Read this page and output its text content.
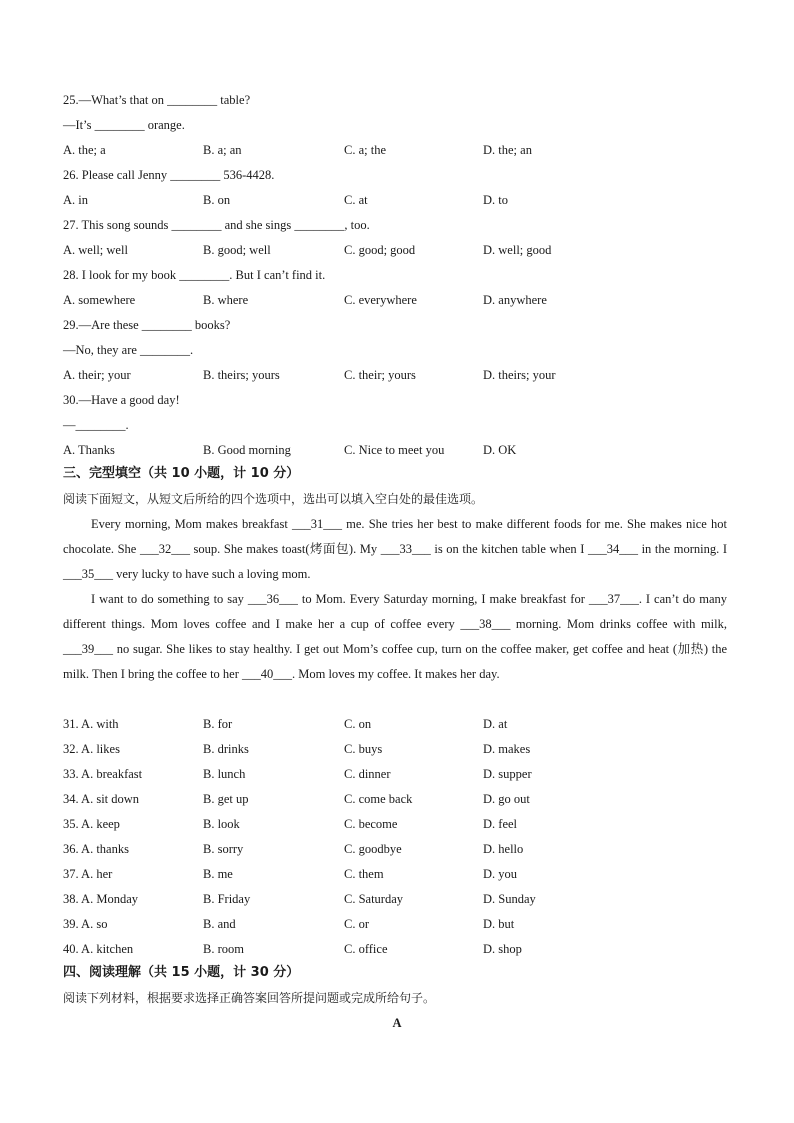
25.—What’s that on ________ table?
—It’s ________ orange.
A. the; a	B. a; an	C. a; the	D. the; an
26. Please call Jenny ________ 536-4428.
A. in	B. on	C. at	D. to
27. This song sounds ________ and she sings ________, too.
A. well; well	B. good; well	C. good; good	D. well; good
28. I look for my book ________. But I can’t find it.
A. somewhere	B. where	C. everywhere	D. anywhere
29.—Are these ________ books?
—No, they are ________.
A. their; your	B. theirs; yours	C. their; yours	D. theirs; your
30.—Have a good day!
—________.
A. Thanks	B. Good morning	C. Nice to meet you	D. OK
三、完型填空（共 10 小题，计 10 分）
阅读下面短文，从短文后所给的四个选项中，选出可以填入空白处的最佳选项。
Every morning, Mom makes breakfast ___31___ me. She tries her best to make different foods for me. She makes nice hot chocolate. She ___32___ soup. She makes toast(烤面包). My ___33___ is on the kitchen table when I ___34___ in the morning. I ___35___ very lucky to have such a loving mom.
I want to do something to say ___36___ to Mom. Every Saturday morning, I make breakfast for ___37___. I can’t do many different things. Mom loves coffee and I make her a cup of coffee every ___38___ morning. Mom drinks coffee with milk, ___39___ no sugar. She likes to stay healthy. I get out Mom’s coffee cup, turn on the coffee maker, get coffee and heat (加热) the milk. Then I bring the coffee to her ___40___. Mom loves my coffee. It makes her day.
31. A. with	B. for	C. on	D. at
32. A. likes	B. drinks	C. buys	D. makes
33. A. breakfast	B. lunch	C. dinner	D. supper
34. A. sit down	B. get up	C. come back	D. go out
35. A. keep	B. look	C. become	D. feel
36. A. thanks	B. sorry	C. goodbye	D. hello
37. A. her	B. me	C. them	D. you
38. A. Monday	B. Friday	C. Saturday	D. Sunday
39. A. so	B. and	C. or	D. but
40. A. kitchen	B. room	C. office	D. shop
四、阅读理解（共 15 小题，计 30 分）
阅读下列材料，根据要求选择正确答案回答所提问题或完成所给句子。
A
